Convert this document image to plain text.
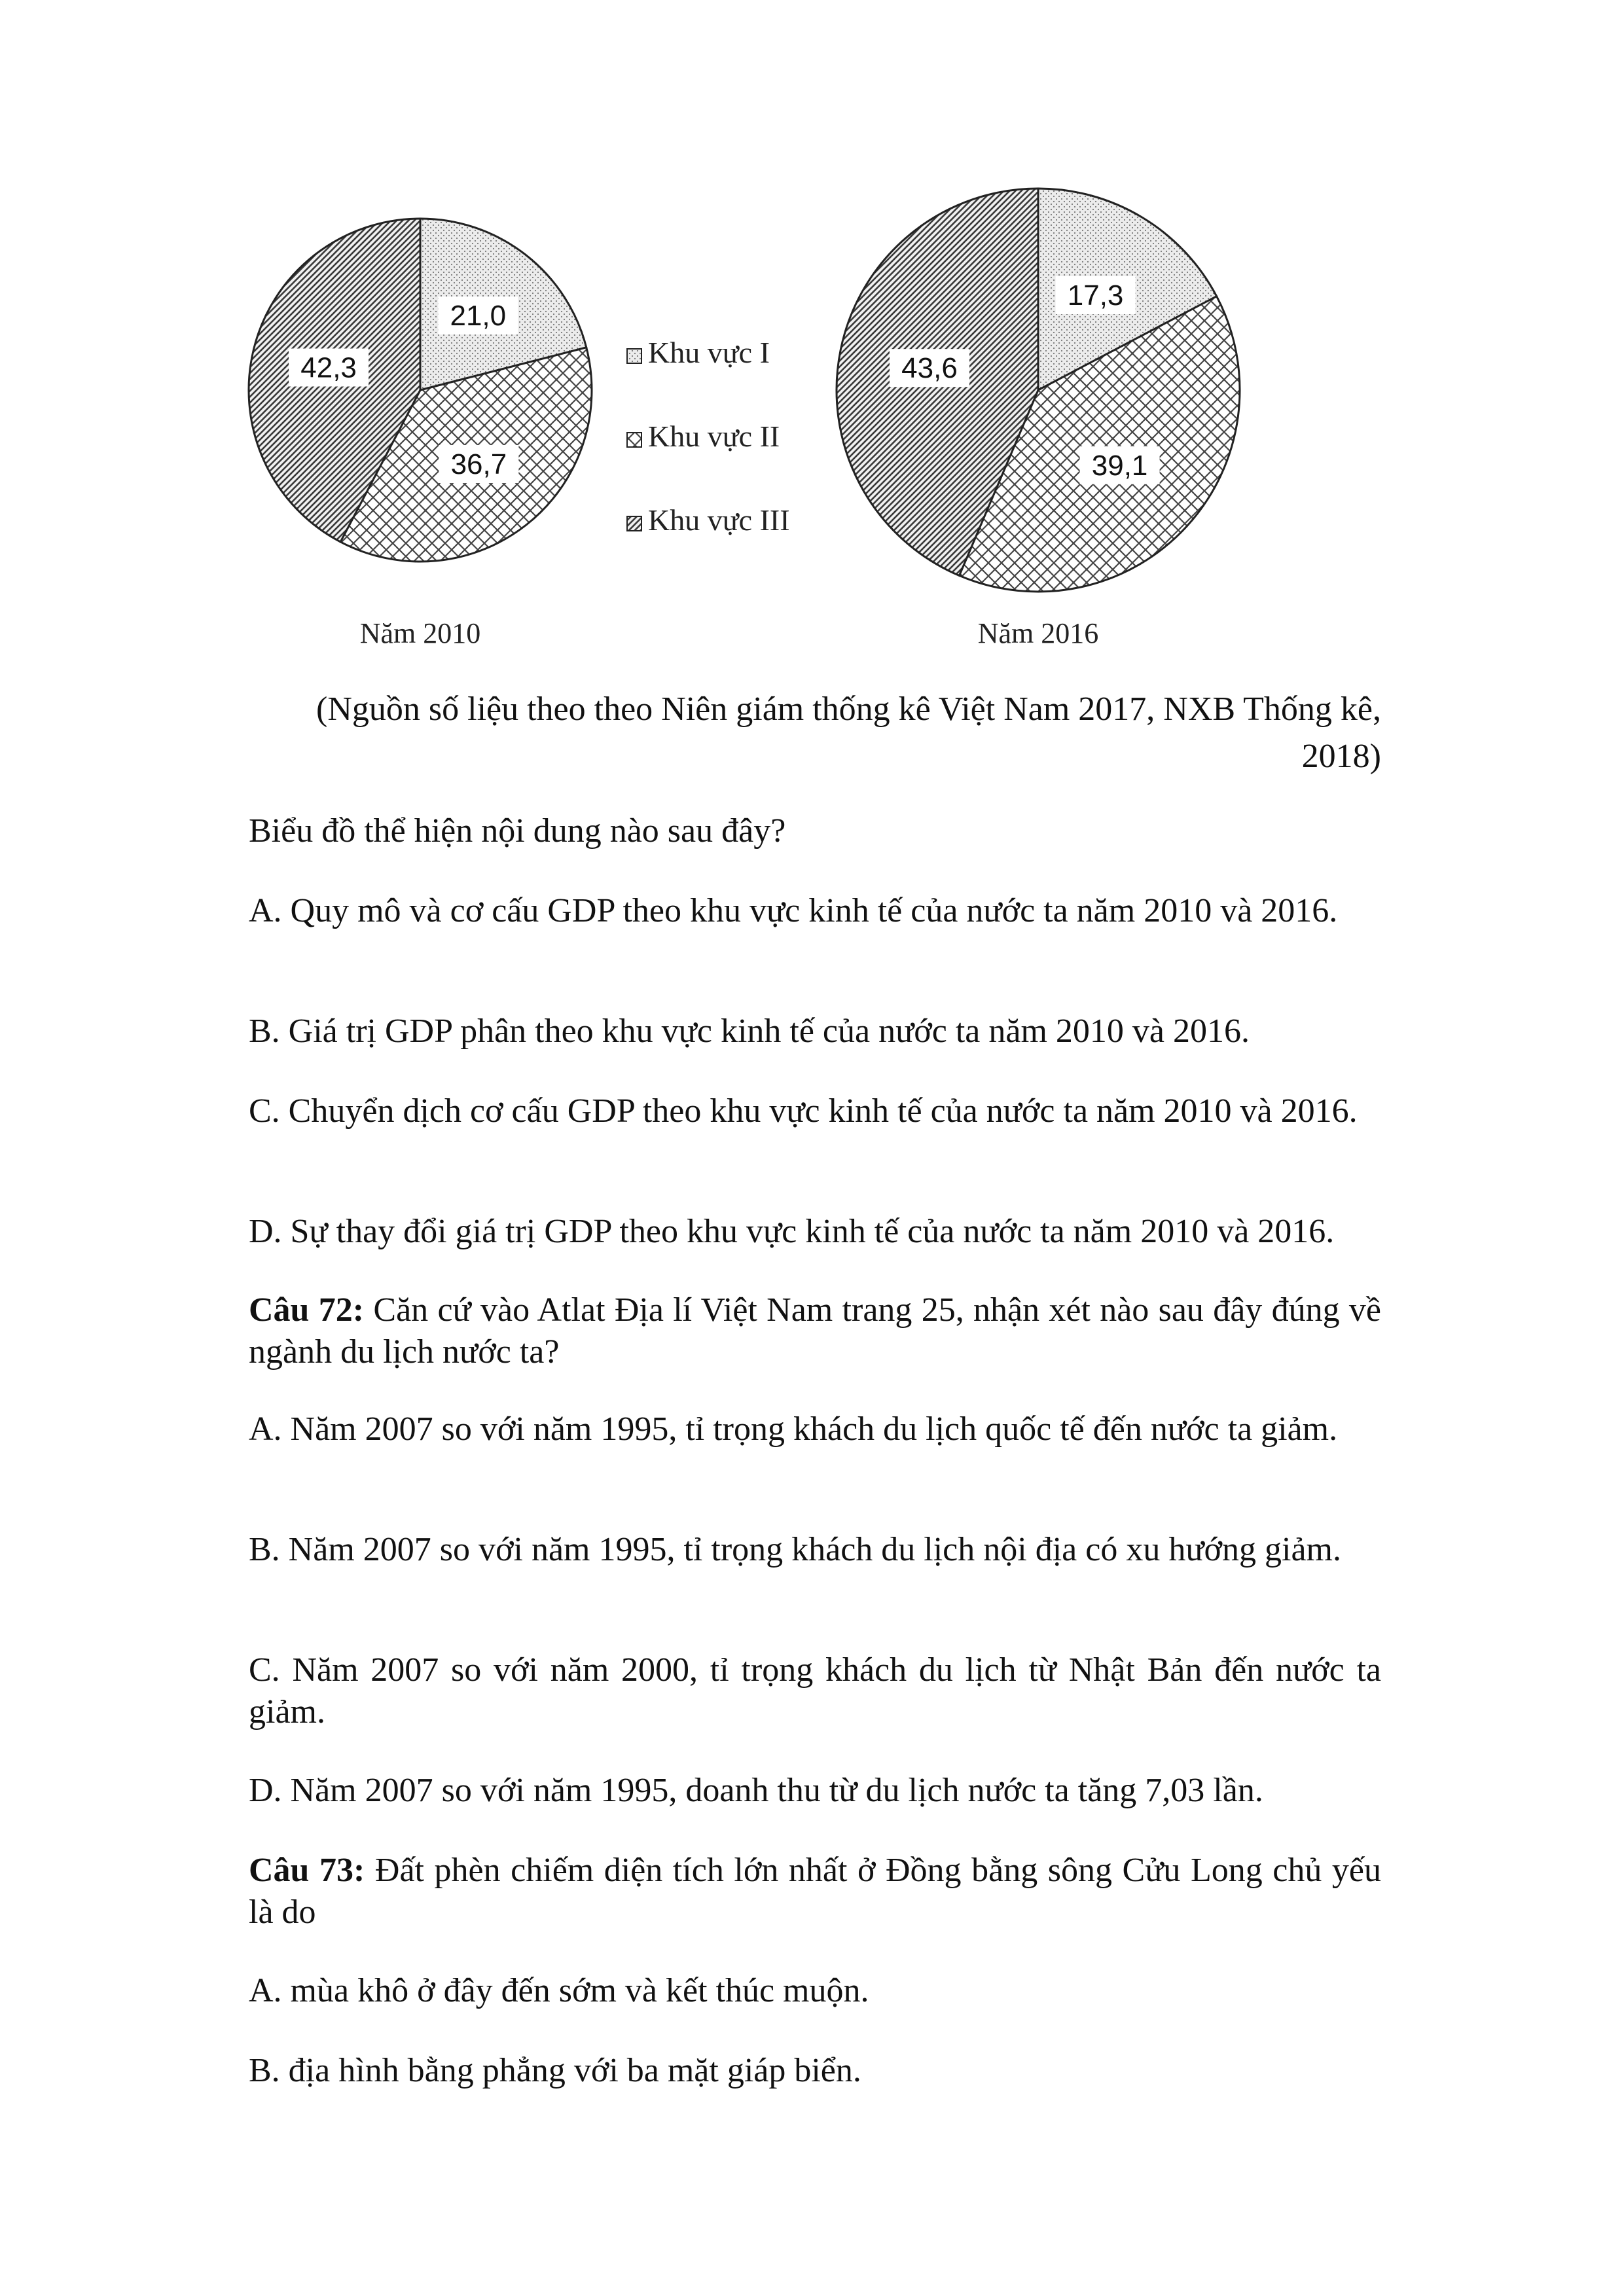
21,0
36,7
42,3
17,3
39,1
43,6
Năm 2010	Năm 2016
Khu vực I
Khu vực II
Khu vực III
(Nguồn số liệu theo theo Niên giám thống kê Việt Nam 2017, NXB Thống kê, 2018)
Biểu đồ thể hiện nội dung nào sau đây?
A. Quy mô và cơ cấu GDP theo khu vực kinh tế của nước ta năm 2010 và 2016.
B. Giá trị GDP phân theo khu vực kinh tế của nước ta năm 2010 và 2016.
C. Chuyển dịch cơ cấu GDP theo khu vực kinh tế của nước ta năm 2010 và 2016.
D. Sự thay đổi giá trị GDP theo khu vực kinh tế của nước ta năm 2010 và 2016.
Câu 72: Căn cứ vào Atlat Địa lí Việt Nam trang 25, nhận xét nào sau đây đúng về ngành du lịch nước ta?
A. Năm 2007 so với năm 1995, tỉ trọng khách du lịch quốc tế đến nước ta giảm.
B. Năm 2007 so với năm 1995, tỉ trọng khách du lịch nội địa có xu hướng giảm.
C. Năm 2007 so với năm 2000, tỉ trọng khách du lịch từ Nhật Bản đến nước ta giảm.
D. Năm 2007 so với năm 1995, doanh thu từ du lịch nước ta tăng 7,03 lần.
Câu 73: Đất phèn chiếm diện tích lớn nhất ở Đồng bằng sông Cửu Long chủ yếu là do
A. mùa khô ở đây đến sớm và kết thúc muộn.
B. địa hình bằng phẳng với ba mặt giáp biển.
